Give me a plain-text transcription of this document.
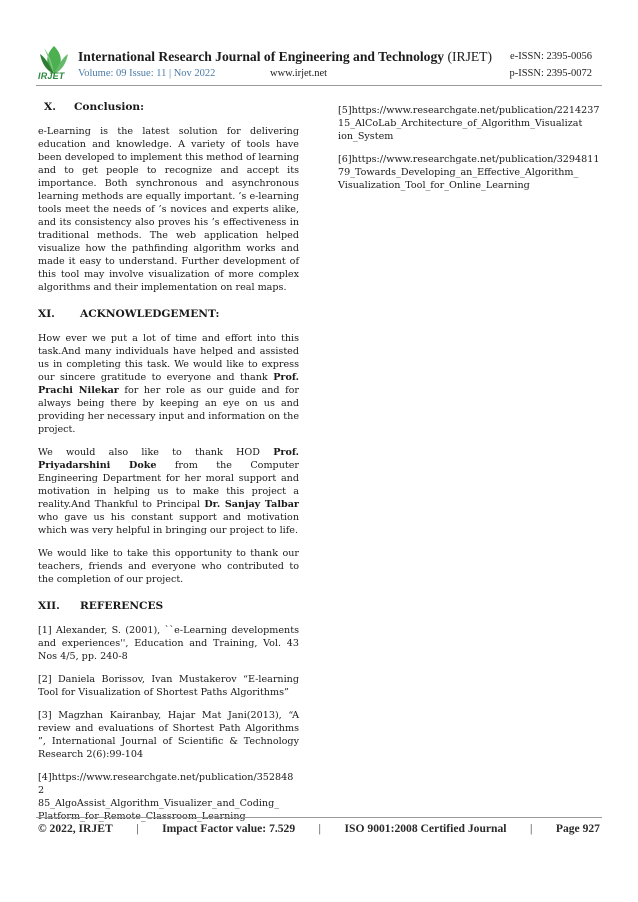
IRJET
International Research Journal of Engineering and Technology (IRJET)	e-ISSN: 2395-0056
Volume: 09 Issue: 11 | Nov 2022	www.irjet.net	p-ISSN: 2395-0072
X.	Conclusion:

e-Learning is the latest solution for delivering education and knowledge. A variety of tools have been developed to implement this method of learning and to get people to recognize and accept its importance. Both synchronous and asynchronous learning methods are equally important. ’s e-learning tools meet the needs of ’s novices and experts alike, and its consistency also proves his ’s effectiveness in traditional methods. The web application helped visualize how the pathfinding algorithm works and made it easy to understand. Further development of this tool may involve visualization of more complex algorithms and their implementation on real maps.

XI.	ACKNOWLEDGEMENT:

How ever we put a lot of time and effort into this task.And many individuals have helped and assisted us in completing this task. We would like to express our sincere gratitude to everyone and thank Prof. Prachi Nilekar for her role as our guide and for always being there by keeping an eye on us and providing her necessary input and information on the project.

We would also like to thank HOD Prof. Priyadarshini Doke from the Computer Engineering Department for her moral support and motivation in helping us to make this project a reality.And Thankful to Principal Dr. Sanjay Talbar who gave us his constant support and motivation which was very helpful in bringing our project to life.

We would like to take this opportunity to thank our teachers, friends and everyone who contributed to the completion of our project.

XII.	REFERENCES

[1] Alexander, S. (2001), ``e-Learning developments and experiences'', Education and Training, Vol. 43 Nos 4/5, pp. 240-8

[2] Daniela Borissov, Ivan Mustakerov “E-learning Tool for Visualization of Shortest Paths Algorithms”

[3] Magzhan Kairanbay, Hajar Mat Jani(2013), “A review and evaluations of Shortest Path Algorithms ”, International Journal of Scientific & Technology Research 2(6):99-104

[4]https://www.researchgate.net/publication/3528482
85_AlgoAssist_Algorithm_Visualizer_and_Coding_

[5]https://www.researchgate.net/publication/2214237
15_AlCoLab_Architecture_of_Algorithm_Visualizat
ion_System

[6]https://www.researchgate.net/publication/3294811
79_Towards_Developing_an_Effective_Algorithm_
Visualization_Tool_for_Online_Learning

© 2022, IRJET | Impact Factor value: 7.529 | ISO 9001:2008 Certified Journal | Page 927
